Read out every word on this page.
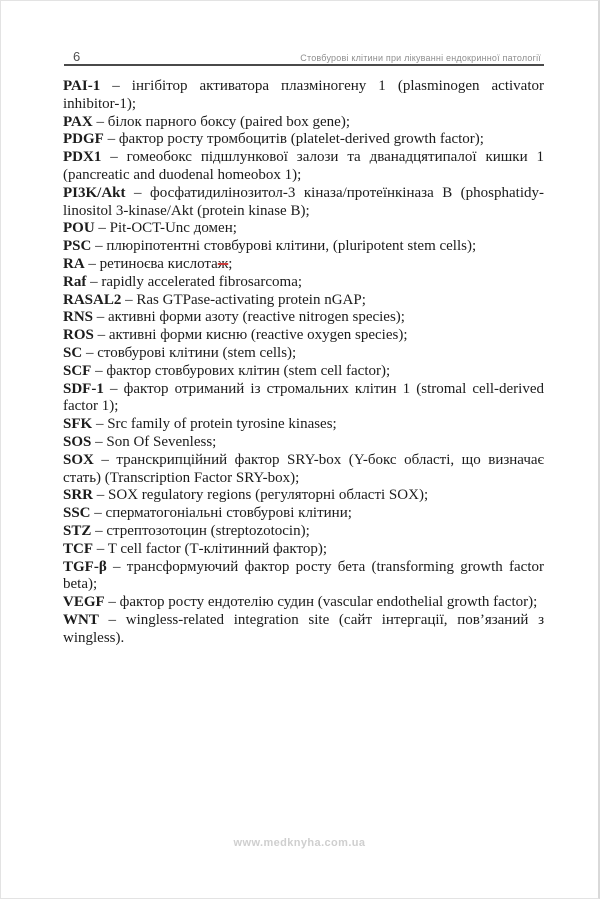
6	Стовбурові клітини при лікуванні ендокринної патології
PAI-1 – інгібітор активатора плазміногену 1 (plasminogen activator
inhibitor-1);
PAX – білок парного боксу (paired box gene);
PDGF – фактор росту тромбоцитів (platelet-derived growth factor);
PDX1 – гомеобокс підшлункової залози та дванадцятипалої кишки 1
(pancreatic and duodenal homeobox 1);
PI3K/Akt – фосфатидилінозитол-3 кіназа/протеїнкіназа В (phosphatidy-
linositol 3-kinase/Akt (protein kinase B);
POU – Pit-OCT-Unc домен;
PSC – плюріпотентні стовбурові клітини, (pluripotent stem cells);
RA – ретиноєва кислотаж;
Raf – rapidly accelerated fibrosarcoma;
RASAL2 – Ras GTPase-activating protein nGAP;
RNS – активні форми азоту (reactive nitrogen species);
ROS – активні форми кисню (reactive oxygen species);
SC – стовбурові клітини (stem cells);
SCF – фактор стовбурових клітин (stem cell factor);
SDF-1 – фактор отриманий із стромальних клітин 1 (stromal cell-derived
factor 1);
SFK – Src family of protein tyrosine kinases;
SOS – Son Of Sevenless;
SOX – транскрипційний фактор SRY-box (Y-бокс області, що визначає
стать) (Transcription Factor SRY-box);
SRR – SOX regulatory regions (регуляторні області SOX);
SSC – сперматогоніальні стовбурові клітини;
STZ – стрептозотоцин (streptozotocin);
TCF – T cell factor (Т-клітинний фактор);
TGF-β – трансформуючий фактор росту бета (transforming growth factor
beta);
VEGF – фактор росту ендотелію судин (vascular endothelial growth factor);
WNT – wingless-related integration site (сайт інтергації, пов’язаний з
wingless).
www.medknyha.com.ua
